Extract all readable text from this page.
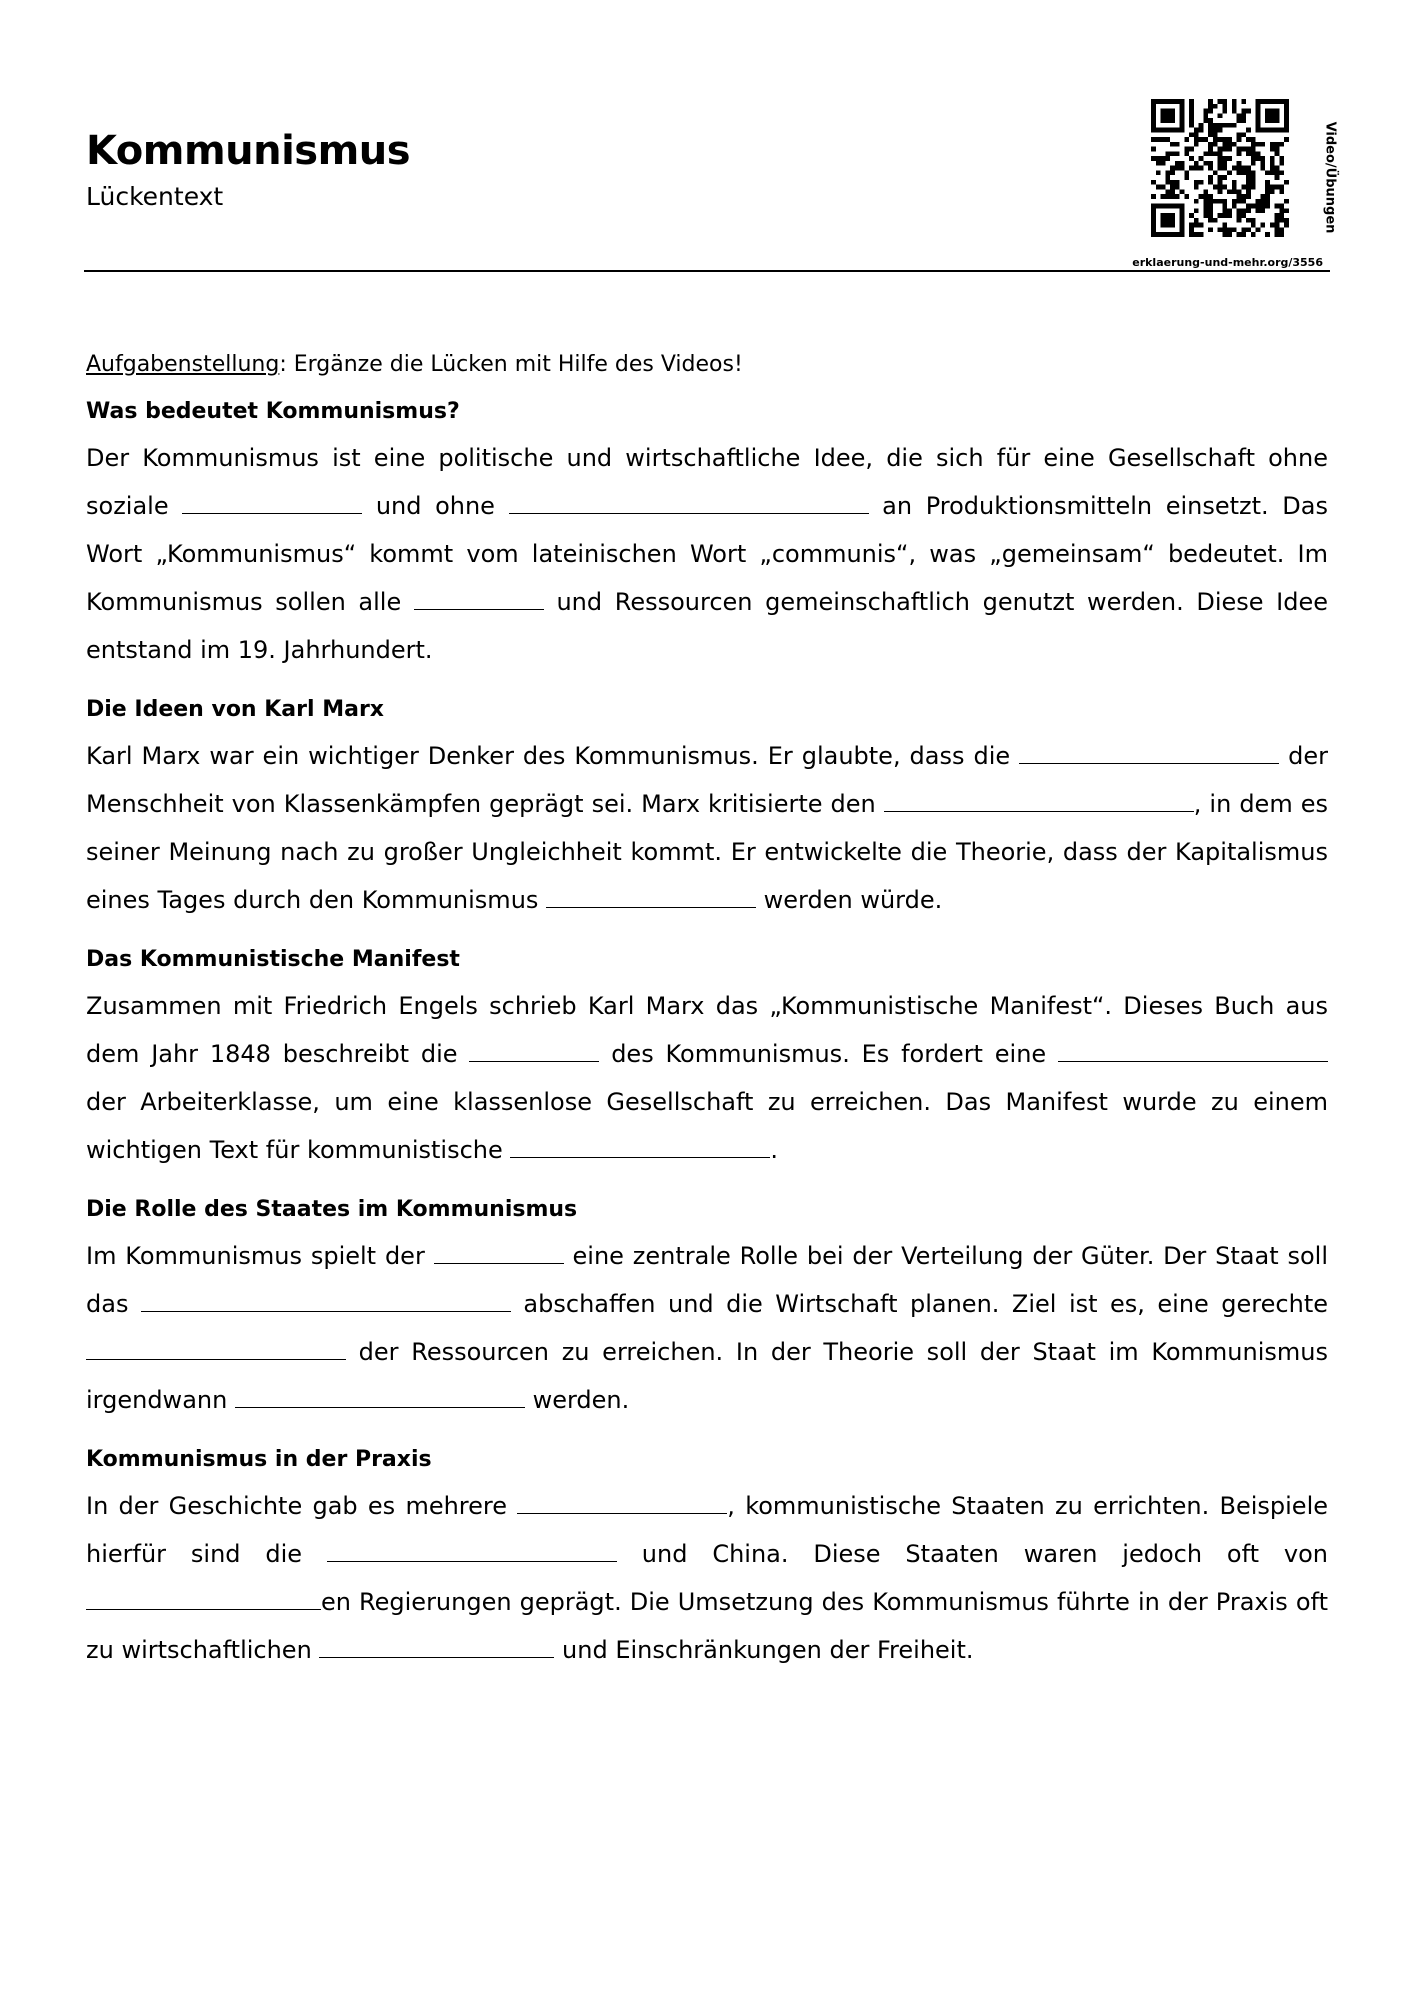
Kommunismus
Lückentext	Video/Übungen
erklaerung-und-mehr.org/3556

Aufgabenstellung: Ergänze die Lücken mit Hilfe des Videos!

Was bedeutet Kommunismus?

Der Kommunismus ist eine politische und wirtschaftliche Idee, die sich für eine Gesellschaft ohne soziale	und ohne	an Produktionsmitteln einsetzt. Das Wort „Kommunismus“ kommt vom lateinischen Wort „communis“, was „gemeinsam“ bedeutet. Im Kommunismus sollen alle	und Ressourcen gemeinschaftlich genutzt werden. Diese Idee entstand im 19. Jahrhundert.

Die Ideen von Karl Marx

Karl Marx war ein wichtiger Denker des Kommunismus. Er glaubte, dass die	der Menschheit von Klassenkämpfen geprägt sei. Marx kritisierte den	, in dem es seiner Meinung nach zu großer Ungleichheit kommt. Er entwickelte die Theorie, dass der Kapitalismus eines Tages durch den Kommunismus	werden würde.

Das Kommunistische Manifest

Zusammen mit Friedrich Engels schrieb Karl Marx das „Kommunistische Manifest“. Dieses Buch aus dem Jahr 1848 beschreibt die	des Kommunismus. Es fordert eine  der Arbeiterklasse, um eine klassenlose Gesellschaft zu erreichen. Das Manifest wurde zu einem wichtigen Text für kommunistische	.

Die Rolle des Staates im Kommunismus

Im Kommunismus spielt der	eine zentrale Rolle bei der Verteilung der Güter. Der Staat soll das	abschaffen und die Wirtschaft planen. Ziel ist es, eine gerechte  der Ressourcen zu erreichen. In der Theorie soll der Staat im Kommunismus irgendwann	werden.

Kommunismus in der Praxis

In der Geschichte gab es mehrere	, kommunistische Staaten zu errichten. Beispiele hierfür sind die	und China. Diese Staaten waren jedoch oft von en Regierungen geprägt. Die Umsetzung des Kommunismus führte in der Praxis oft zu wirtschaftlichen	und Einschränkungen der Freiheit.
